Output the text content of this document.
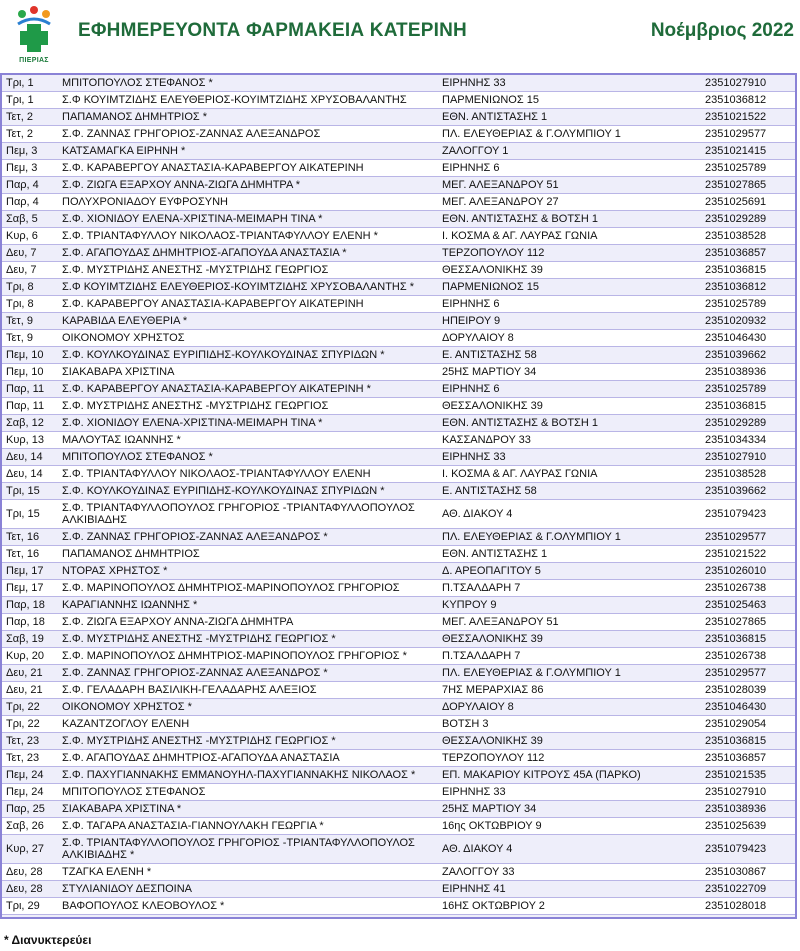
ΠΙΕΡΙΑΣ
ΕΦΗΜΕΡΕΥΟΝΤΑ ΦΑΡΜΑΚΕΙΑ ΚΑΤΕΡΙΝΗ	Νοέμβριος 2022
Τρι, 1	ΜΠΙΤΟΠΟΥΛΟΣ ΣΤΕΦΑΝΟΣ *	ΕΙΡΗΝΗΣ 33	2351027910
Τρι, 1	Σ.Φ ΚΟΥΙΜΤΖΙΔΗΣ ΕΛΕΥΘΕΡΙΟΣ-ΚΟΥΙΜΤΖΙΔΗΣ ΧΡΥΣΟΒΑΛΑΝΤΗΣ	ΠΑΡΜΕΝΙΩΝΟΣ 15	2351036812
Τετ, 2	ΠΑΠΑΜΑΝΟΣ ΔΗΜΗΤΡΙΟΣ *	ΕΘΝ. ΑΝΤΙΣΤΑΣΗΣ 1	2351021522
Τετ, 2	Σ.Φ. ΖΑΝΝΑΣ ΓΡΗΓΟΡΙΟΣ-ΖΑΝΝΑΣ ΑΛΕΞΑΝΔΡΟΣ	ΠΛ. ΕΛΕΥΘΕΡΙΑΣ & Γ.ΟΛΥΜΠΙΟΥ 1	2351029577
Πεμ, 3	ΚΑΤΣΑΜΑΓΚΑ ΕΙΡΗΝΗ *	ΖΑΛΟΓΓΟΥ 1	2351021415
Πεμ, 3	Σ.Φ. ΚΑΡΑΒΕΡΓΟΥ ΑΝΑΣΤΑΣΙΑ-ΚΑΡΑΒΕΡΓΟΥ ΑΙΚΑΤΕΡΙΝΗ	ΕΙΡΗΝΗΣ 6	2351025789
Παρ, 4	Σ.Φ. ΖΙΩΓΑ ΕΞΑΡΧΟΥ ΑΝΝΑ-ΖΙΩΓΑ ΔΗΜΗΤΡΑ *	ΜΕΓ. ΑΛΕΞΑΝΔΡΟΥ 51	2351027865
Παρ, 4	ΠΟΛΥΧΡΟΝΙΑΔΟΥ ΕΥΦΡΟΣΥΝΗ	ΜΕΓ. ΑΛΕΞΑΝΔΡΟΥ 27	2351025691
Σαβ, 5	Σ.Φ. ΧΙΟΝΙΔΟΥ ΕΛΕΝΑ-ΧΡΙΣΤΙΝΑ-ΜΕΙΜΑΡΗ ΤΙΝΑ *	ΕΘΝ. ΑΝΤΙΣΤΑΣΗΣ & ΒΟΤΣΗ 1	2351029289
Κυρ, 6	Σ.Φ. ΤΡΙΑΝΤΑΦΥΛΛΟΥ ΝΙΚΟΛΑΟΣ-ΤΡΙΑΝΤΑΦΥΛΛΟΥ ΕΛΕΝΗ *	Ι. ΚΟΣΜΑ & ΑΓ. ΛΑΥΡΑΣ ΓΩΝΙΑ	2351038528
Δευ, 7	Σ.Φ. ΑΓΑΠΟΥΔΑΣ ΔΗΜΗΤΡΙΟΣ-ΑΓΑΠΟΥΔΑ ΑΝΑΣΤΑΣΙΑ *	ΤΕΡΖΟΠΟΥΛΟΥ 112	2351036857
Δευ, 7	Σ.Φ. ΜΥΣΤΡΙΔΗΣ ΑΝΕΣΤΗΣ -ΜΥΣΤΡΙΔΗΣ ΓΕΩΡΓΙΟΣ	ΘΕΣΣΑΛΟΝΙΚΗΣ 39	2351036815
Τρι, 8	Σ.Φ ΚΟΥΙΜΤΖΙΔΗΣ ΕΛΕΥΘΕΡΙΟΣ-ΚΟΥΙΜΤΖΙΔΗΣ ΧΡΥΣΟΒΑΛΑΝΤΗΣ *	ΠΑΡΜΕΝΙΩΝΟΣ 15	2351036812
Τρι, 8	Σ.Φ. ΚΑΡΑΒΕΡΓΟΥ ΑΝΑΣΤΑΣΙΑ-ΚΑΡΑΒΕΡΓΟΥ ΑΙΚΑΤΕΡΙΝΗ	ΕΙΡΗΝΗΣ 6	2351025789
Τετ, 9	ΚΑΡΑΒΙΔΑ ΕΛΕΥΘΕΡΙΑ *	ΗΠΕΙΡΟΥ 9	2351020932
Τετ, 9	ΟΙΚΟΝΟΜΟΥ ΧΡΗΣΤΟΣ	ΔΟΡΥΛΑΙΟΥ 8	2351046430
Πεμ, 10	Σ.Φ. ΚΟΥΛΚΟΥΔΙΝΑΣ ΕΥΡΙΠΙΔΗΣ-ΚΟΥΛΚΟΥΔΙΝΑΣ ΣΠΥΡΙΔΩΝ *	Ε. ΑΝΤΙΣΤΑΣΗΣ 58	2351039662
Πεμ, 10	ΣΙΑΚΑΒΑΡΑ ΧΡΙΣΤΙΝΑ	25ΗΣ ΜΑΡΤΙΟΥ 34	2351038936
Παρ, 11	Σ.Φ. ΚΑΡΑΒΕΡΓΟΥ ΑΝΑΣΤΑΣΙΑ-ΚΑΡΑΒΕΡΓΟΥ ΑΙΚΑΤΕΡΙΝΗ *	ΕΙΡΗΝΗΣ 6	2351025789
Παρ, 11	Σ.Φ. ΜΥΣΤΡΙΔΗΣ ΑΝΕΣΤΗΣ -ΜΥΣΤΡΙΔΗΣ ΓΕΩΡΓΙΟΣ	ΘΕΣΣΑΛΟΝΙΚΗΣ 39	2351036815
Σαβ, 12	Σ.Φ. ΧΙΟΝΙΔΟΥ ΕΛΕΝΑ-ΧΡΙΣΤΙΝΑ-ΜΕΙΜΑΡΗ ΤΙΝΑ *	ΕΘΝ. ΑΝΤΙΣΤΑΣΗΣ & ΒΟΤΣΗ 1	2351029289
Κυρ, 13	ΜΑΛΟΥΤΑΣ ΙΩΑΝΝΗΣ *	ΚΑΣΣΑΝΔΡΟΥ 33	2351034334
Δευ, 14	ΜΠΙΤΟΠΟΥΛΟΣ ΣΤΕΦΑΝΟΣ *	ΕΙΡΗΝΗΣ 33	2351027910
Δευ, 14	Σ.Φ. ΤΡΙΑΝΤΑΦΥΛΛΟΥ ΝΙΚΟΛΑΟΣ-ΤΡΙΑΝΤΑΦΥΛΛΟΥ ΕΛΕΝΗ	Ι. ΚΟΣΜΑ & ΑΓ. ΛΑΥΡΑΣ ΓΩΝΙΑ	2351038528
Τρι, 15	Σ.Φ. ΚΟΥΛΚΟΥΔΙΝΑΣ ΕΥΡΙΠΙΔΗΣ-ΚΟΥΛΚΟΥΔΙΝΑΣ ΣΠΥΡΙΔΩΝ *	Ε. ΑΝΤΙΣΤΑΣΗΣ 58	2351039662
Τρι, 15	Σ.Φ. ΤΡΙΑΝΤΑΦΥΛΛΟΠΟΥΛΟΣ ΓΡΗΓΟΡΙΟΣ -ΤΡΙΑΝΤΑΦΥΛΛΟΠΟΥΛΟΣ ΑΛΚΙΒΙΑΔΗΣ	ΑΘ. ΔΙΑΚΟΥ 4	2351079423
Τετ, 16	Σ.Φ. ΖΑΝΝΑΣ ΓΡΗΓΟΡΙΟΣ-ΖΑΝΝΑΣ ΑΛΕΞΑΝΔΡΟΣ *	ΠΛ. ΕΛΕΥΘΕΡΙΑΣ & Γ.ΟΛΥΜΠΙΟΥ 1	2351029577
Τετ, 16	ΠΑΠΑΜΑΝΟΣ ΔΗΜΗΤΡΙΟΣ	ΕΘΝ. ΑΝΤΙΣΤΑΣΗΣ 1	2351021522
Πεμ, 17	ΝΤΟΡΑΣ ΧΡΗΣΤΟΣ *	Δ. ΑΡΕΟΠΑΓΙΤΟΥ 5	2351026010
Πεμ, 17	Σ.Φ. ΜΑΡΙΝΟΠΟΥΛΟΣ ΔΗΜΗΤΡΙΟΣ-ΜΑΡΙΝΟΠΟΥΛΟΣ ΓΡΗΓΟΡΙΟΣ	Π.ΤΣΑΛΔΑΡΗ 7	2351026738
Παρ, 18	ΚΑΡΑΓΙΑΝΝΗΣ ΙΩΑΝΝΗΣ *	ΚΥΠΡΟΥ 9	2351025463
Παρ, 18	Σ.Φ. ΖΙΩΓΑ ΕΞΑΡΧΟΥ ΑΝΝΑ-ΖΙΩΓΑ ΔΗΜΗΤΡΑ	ΜΕΓ. ΑΛΕΞΑΝΔΡΟΥ 51	2351027865
Σαβ, 19	Σ.Φ. ΜΥΣΤΡΙΔΗΣ ΑΝΕΣΤΗΣ -ΜΥΣΤΡΙΔΗΣ ΓΕΩΡΓΙΟΣ *	ΘΕΣΣΑΛΟΝΙΚΗΣ 39	2351036815
Κυρ, 20	Σ.Φ. ΜΑΡΙΝΟΠΟΥΛΟΣ ΔΗΜΗΤΡΙΟΣ-ΜΑΡΙΝΟΠΟΥΛΟΣ ΓΡΗΓΟΡΙΟΣ *	Π.ΤΣΑΛΔΑΡΗ 7	2351026738
Δευ, 21	Σ.Φ. ΖΑΝΝΑΣ ΓΡΗΓΟΡΙΟΣ-ΖΑΝΝΑΣ ΑΛΕΞΑΝΔΡΟΣ *	ΠΛ. ΕΛΕΥΘΕΡΙΑΣ & Γ.ΟΛΥΜΠΙΟΥ 1	2351029577
Δευ, 21	Σ.Φ. ΓΕΛΑΔΑΡΗ ΒΑΣΙΛΙΚΗ-ΓΕΛΑΔΑΡΗΣ ΑΛΕΞΙΟΣ	7ΗΣ ΜΕΡΑΡΧΙΑΣ 86	2351028039
Τρι, 22	ΟΙΚΟΝΟΜΟΥ ΧΡΗΣΤΟΣ *	ΔΟΡΥΛΑΙΟΥ 8	2351046430
Τρι, 22	ΚΑΖΑΝΤΖΟΓΛΟΥ ΕΛΕΝΗ	ΒΟΤΣΗ 3	2351029054
Τετ, 23	Σ.Φ. ΜΥΣΤΡΙΔΗΣ ΑΝΕΣΤΗΣ -ΜΥΣΤΡΙΔΗΣ ΓΕΩΡΓΙΟΣ *	ΘΕΣΣΑΛΟΝΙΚΗΣ 39	2351036815
Τετ, 23	Σ.Φ. ΑΓΑΠΟΥΔΑΣ ΔΗΜΗΤΡΙΟΣ-ΑΓΑΠΟΥΔΑ ΑΝΑΣΤΑΣΙΑ	ΤΕΡΖΟΠΟΥΛΟΥ 112	2351036857
Πεμ, 24	Σ.Φ. ΠΑΧΥΓΙΑΝΝΑΚΗΣ ΕΜΜΑΝΟΥΗΛ-ΠΑΧΥΓΙΑΝΝΑΚΗΣ ΝΙΚΟΛΑΟΣ *	ΕΠ. ΜΑΚΑΡΙΟΥ ΚΙΤΡΟΥΣ 45Α (ΠΑΡΚΟ)	2351021535
Πεμ, 24	ΜΠΙΤΟΠΟΥΛΟΣ ΣΤΕΦΑΝΟΣ	ΕΙΡΗΝΗΣ 33	2351027910
Παρ, 25	ΣΙΑΚΑΒΑΡΑ ΧΡΙΣΤΙΝΑ *	25ΗΣ ΜΑΡΤΙΟΥ 34	2351038936
Σαβ, 26	Σ.Φ. ΤΑΓΑΡΑ ΑΝΑΣΤΑΣΙΑ-ΓΙΑΝΝΟΥΛΑΚΗ ΓΕΩΡΓΙΑ *	16ης ΟΚΤΩΒΡΙΟΥ 9	2351025639
Κυρ, 27	Σ.Φ. ΤΡΙΑΝΤΑΦΥΛΛΟΠΟΥΛΟΣ ΓΡΗΓΟΡΙΟΣ -ΤΡΙΑΝΤΑΦΥΛΛΟΠΟΥΛΟΣ ΑΛΚΙΒΙΑΔΗΣ *	ΑΘ. ΔΙΑΚΟΥ 4	2351079423
Δευ, 28	ΤΖΑΓΚΑ ΕΛΕΝΗ *	ΖΑΛΟΓΓΟΥ 33	2351030867
Δευ, 28	ΣΤΥΛΙΑΝΙΔΟΥ ΔΕΣΠΟΙΝΑ	ΕΙΡΗΝΗΣ 41	2351022709
Τρι, 29	ΒΑΦΟΠΟΥΛΟΣ ΚΛΕΟΒΟΥΛΟΣ *	16ΗΣ ΟΚΤΩΒΡΙΟΥ 2	2351028018

* Διανυκτερεύει
